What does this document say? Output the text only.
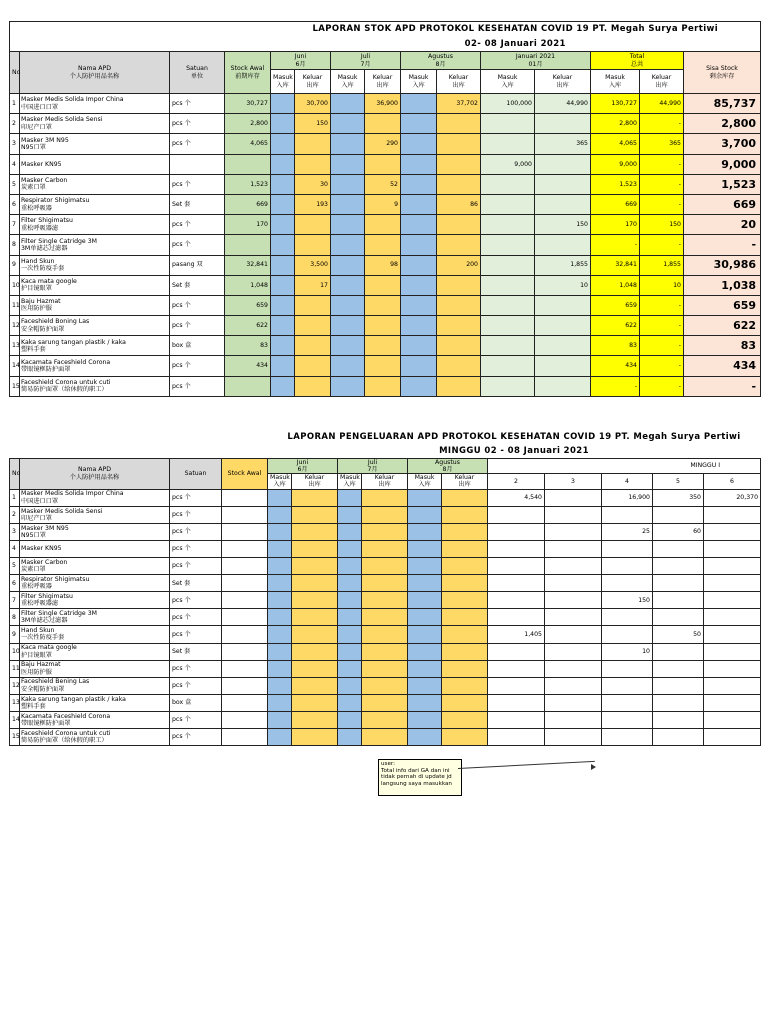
				LAPORAN STOK APD PROTOKOL KESEHATAN COVID 19 PT. Megah Surya Pertiwi										
				02- 08 Januari 2021										
No	Nama APD
个人防护用品名称	Satuan
单位	Stock Awal
前期库存	Juni
6月		Juli
7月		Agustus
8月		Januari 2021
01月		Total
总共		Sisa Stock
剩余库存
				Masuk
入库	Keluar
出库	Masuk
入库	Keluar
出库	Masuk
入库	Keluar
出库	Masuk
入库	Keluar
出库	Masuk
入库	Keluar
出库	
1	Masker Medis Solida Impor China
中国进口口罩	pcs 个	30,727		30,700		36,900		37,702	100,000	44,990	130,727	44,990	85,737
2	Masker Medis Solida Sensi
印尼产口罩	pcs 个	2,800		150							2,800	-	2,800
3	Masker 3M N95
N95口罩	pcs 个	4,065				290				365	4,065	365	3,700
4	Masker KN95									9,000		9,000	-	9,000
5	Masker Carbon
炭素口罩	pcs 个	1,523		30		52					1,523	-	1,523
6	Respirator Shigimatsu
重松呼吸器	Set 套	669		193		9		86			669	-	669
7	Filter Shigimatsu
重松呼吸器滤	pcs 个	170								150	170	150	20
8	Filter Single Catridge 3M
3M单滤芯过滤器	pcs 个										-	-	-
9	Hand Skun
一次性防疫手套	pasang 双	32,841		3,500		98		200		1,855	32,841	1,855	30,986
10	Kaca mata google
护目镜眼罩	Set 套	1,048		17						10	1,048	10	1,038
11	Baju Hazmat
医用防护服	pcs 个	659									659	-	659
12	Faceshield Boning Las
安全帽防护面罩	pcs 个	622									622	-	622
13	Kaka sarung tangan plastik / kaka
塑料手套	box 盒	83									83	-	83
14	Kacamata Faceshield Corona
带眼镜框防护面罩	pcs 个	434									434	-	434
15	Faceshield Corona untuk cuti
简易防护面罩（给休假的职工）	pcs 个										-	-	-
				LAPORAN PENGELUARAN APD PROTOKOL KESEHATAN COVID 19 PT. Megah Surya Pertiwi										
				MINGGU 02 - 08 Januari 2021										
No	Nama APD
个人防护用品名称	Satuan	Stock Awal	Juni
6月		Juli
7月		Agustus
8月		MINGGU I				
				Masuk
入库	Keluar
出库	Masuk
入库	Keluar
出库	Masuk
入库	Keluar
出库	2	3	4	5	6
1	Masker Medis Solida Impor China
中国进口口罩	pcs 个								4,540		16,900	350	20,370
2	Masker Medis Solida Sensi
印尼产口罩	pcs 个												
3	Masker 3M N95
N95口罩	pcs 个										25	60	
4	Masker KN95	pcs 个												
5	Masker Carbon
炭素口罩	pcs 个												
6	Respirator Shigimatsu
重松呼吸器	Set 套												
7	Filter Shigimatsu
重松呼吸器滤	pcs 个										150		
8	Filter Single Catridge 3M
3M单滤芯过滤器	pcs 个												
9	Hand Skun
一次性防疫手套	pcs 个								1,405			50	
10	Kaca mata google
护目镜眼罩	Set 套										10		
11	Baju Hazmat
医用防护服	pcs 个												
12	Faceshield Bening Las
安全帽防护面罩	pcs 个												
13	Kaka sarung tangan plastik / kaka
塑料手套	box 盒												
14	Kacamata Faceshield Corona
带眼镜框防护面罩	pcs 个												
15	Faceshield Corona untuk cuti
简易防护面罩（给休假的职工）	pcs 个												
user:
Total info dari GA dan ini tidak pernah di update jd langsung saya masukkan
